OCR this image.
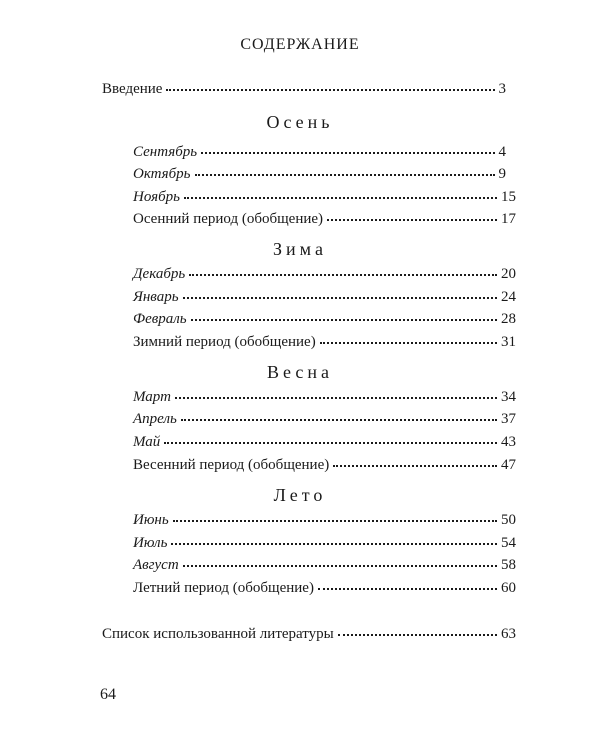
СОДЕРЖАНИЕ
Введение	3
Осень
Сентябрь	4
Октябрь	9
Ноябрь	15
Осенний период (обобщение)	17
Зима
Декабрь	20
Январь	24
Февраль	28
Зимний период (обобщение)	31
Весна
Март	34
Апрель	37
Май	43
Весенний период (обобщение)	47
Лето
Июнь	50
Июль	54
Август	58
Летний период (обобщение)	60
Список использованной литературы	63
64
